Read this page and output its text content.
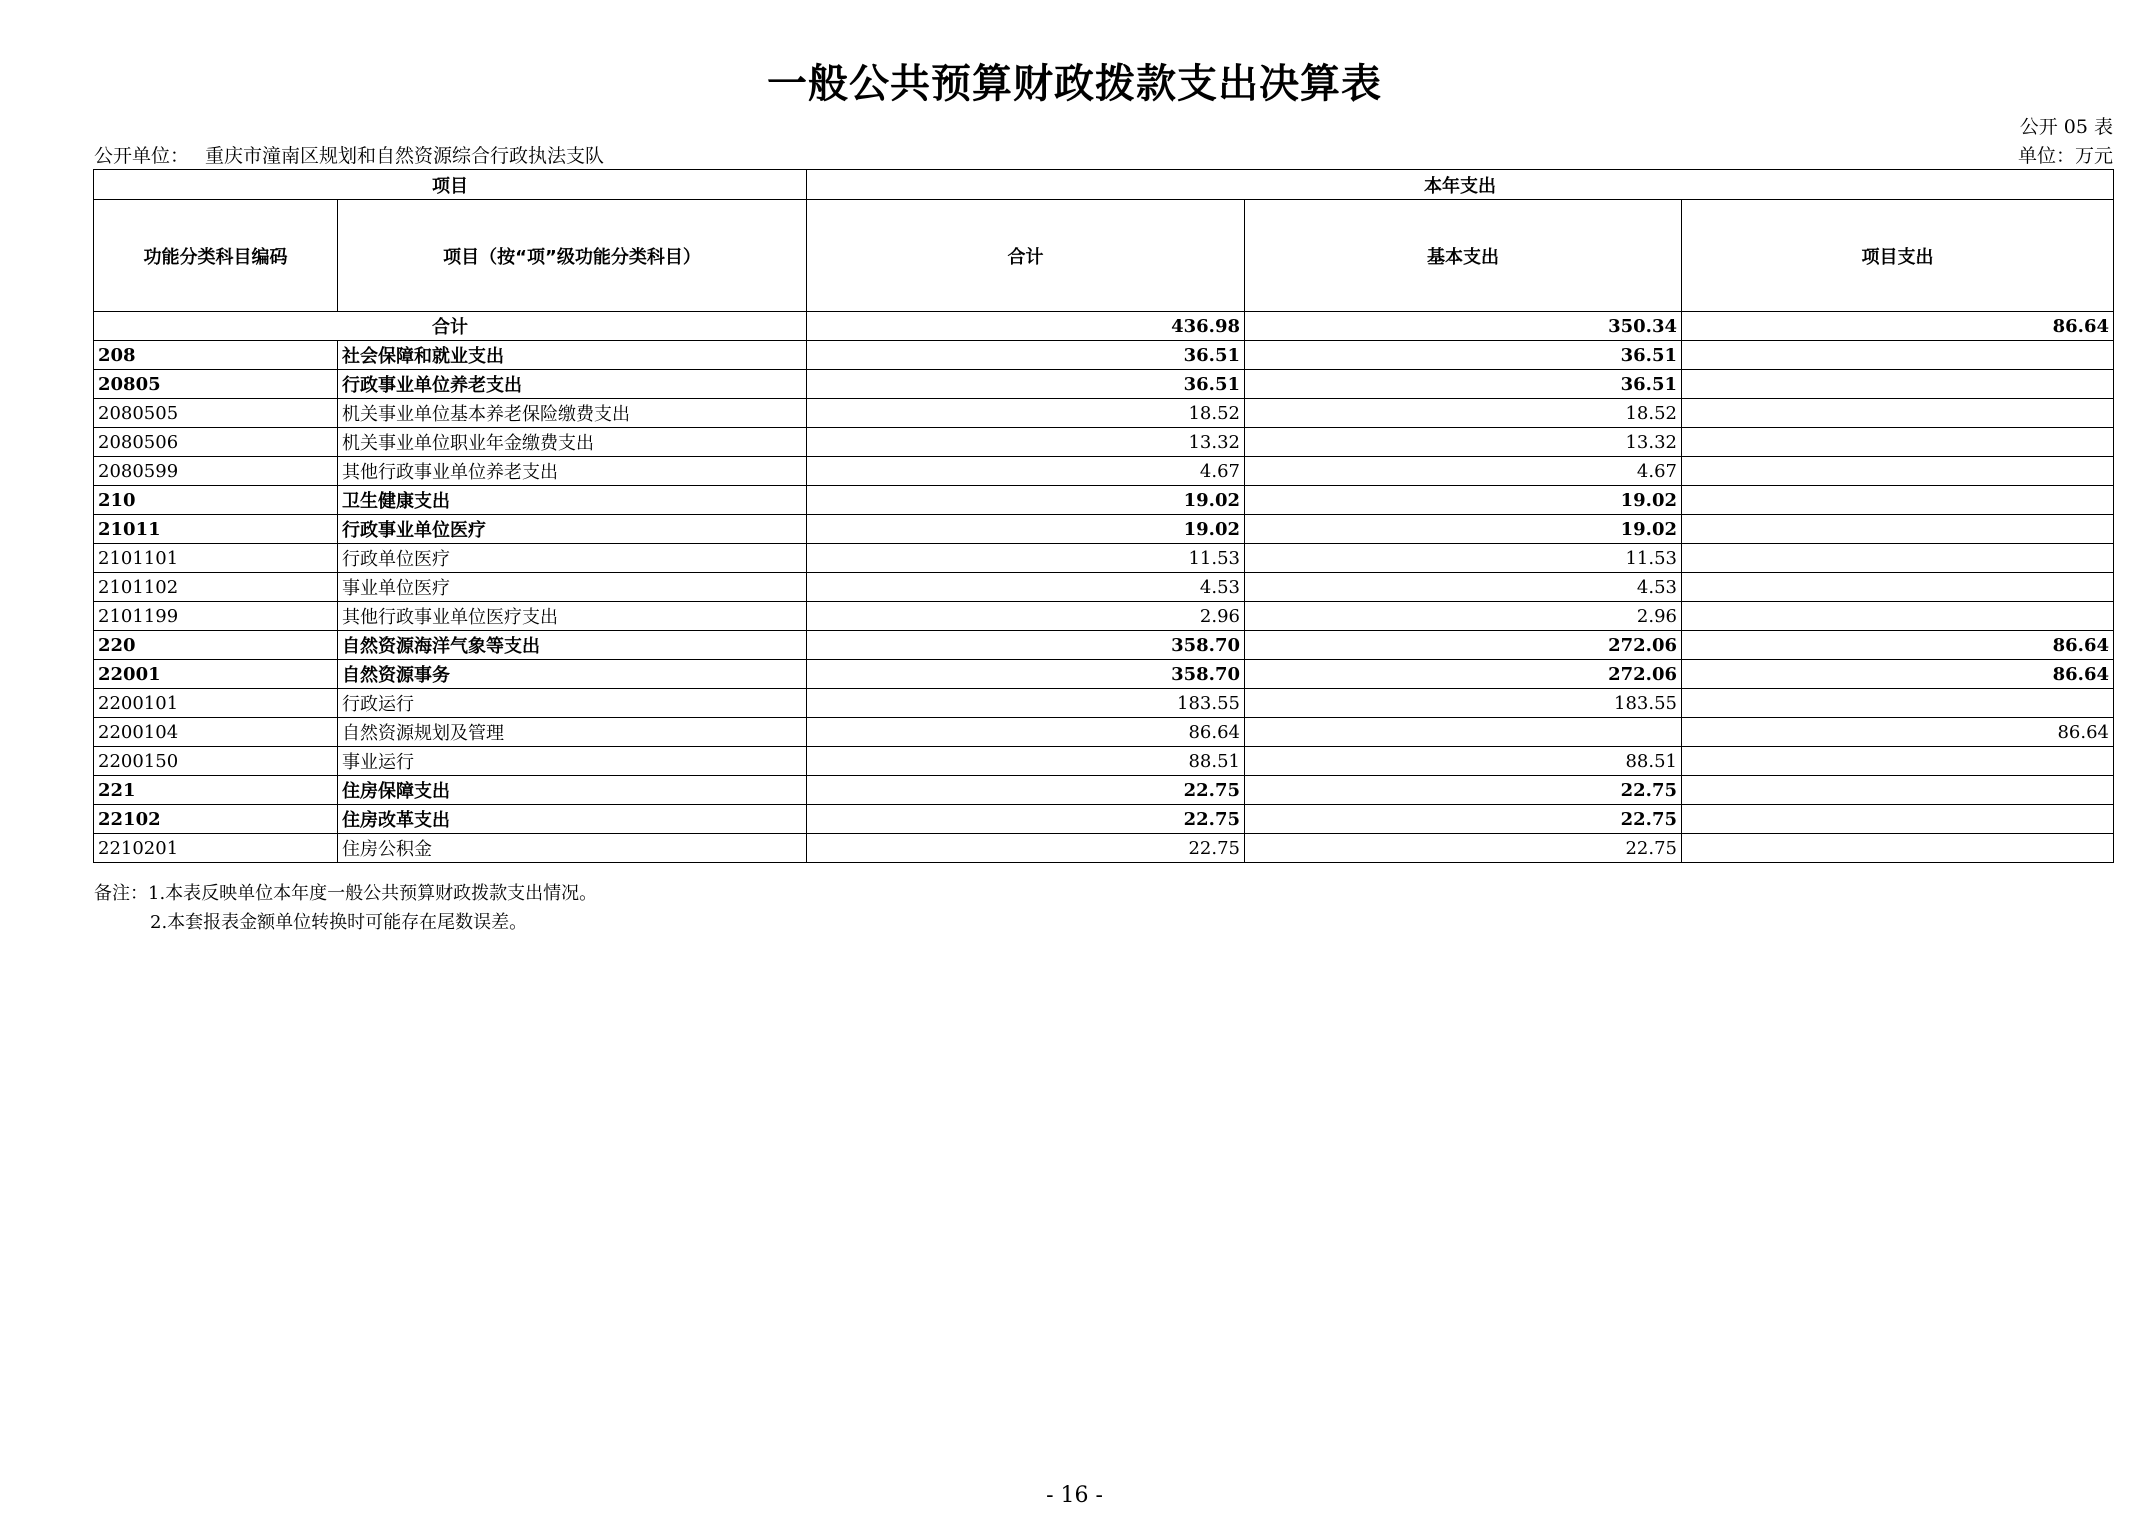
一般公共预算财政拨款支出决算表
公开 05 表
公开单位： 重庆市潼南区规划和自然资源综合行政执法支队	单位：万元
项目		本年支出		
功能分类科目编码	项目（按“项”级功能分类科目）	合计	基本支出	项目支出
合计		436.98	350.34	86.64
208	社会保障和就业支出	36.51	36.51	
20805	行政事业单位养老支出	36.51	36.51	
2080505	机关事业单位基本养老保险缴费支出	18.52	18.52	
2080506	机关事业单位职业年金缴费支出	13.32	13.32	
2080599	其他行政事业单位养老支出	4.67	4.67	
210	卫生健康支出	19.02	19.02	
21011	行政事业单位医疗	19.02	19.02	
2101101	行政单位医疗	11.53	11.53	
2101102	事业单位医疗	4.53	4.53	
2101199	其他行政事业单位医疗支出	2.96	2.96	
220	自然资源海洋气象等支出	358.70	272.06	86.64
22001	自然资源事务	358.70	272.06	86.64
2200101	行政运行	183.55	183.55	
2200104	自然资源规划及管理	86.64		86.64
2200150	事业运行	88.51	88.51	
221	住房保障支出	22.75	22.75	
22102	住房改革支出	22.75	22.75	
2210201	住房公积金	22.75	22.75	
备注：1.本表反映单位本年度一般公共预算财政拨款支出情况。
2.本套报表金额单位转换时可能存在尾数误差。
- 16 -
